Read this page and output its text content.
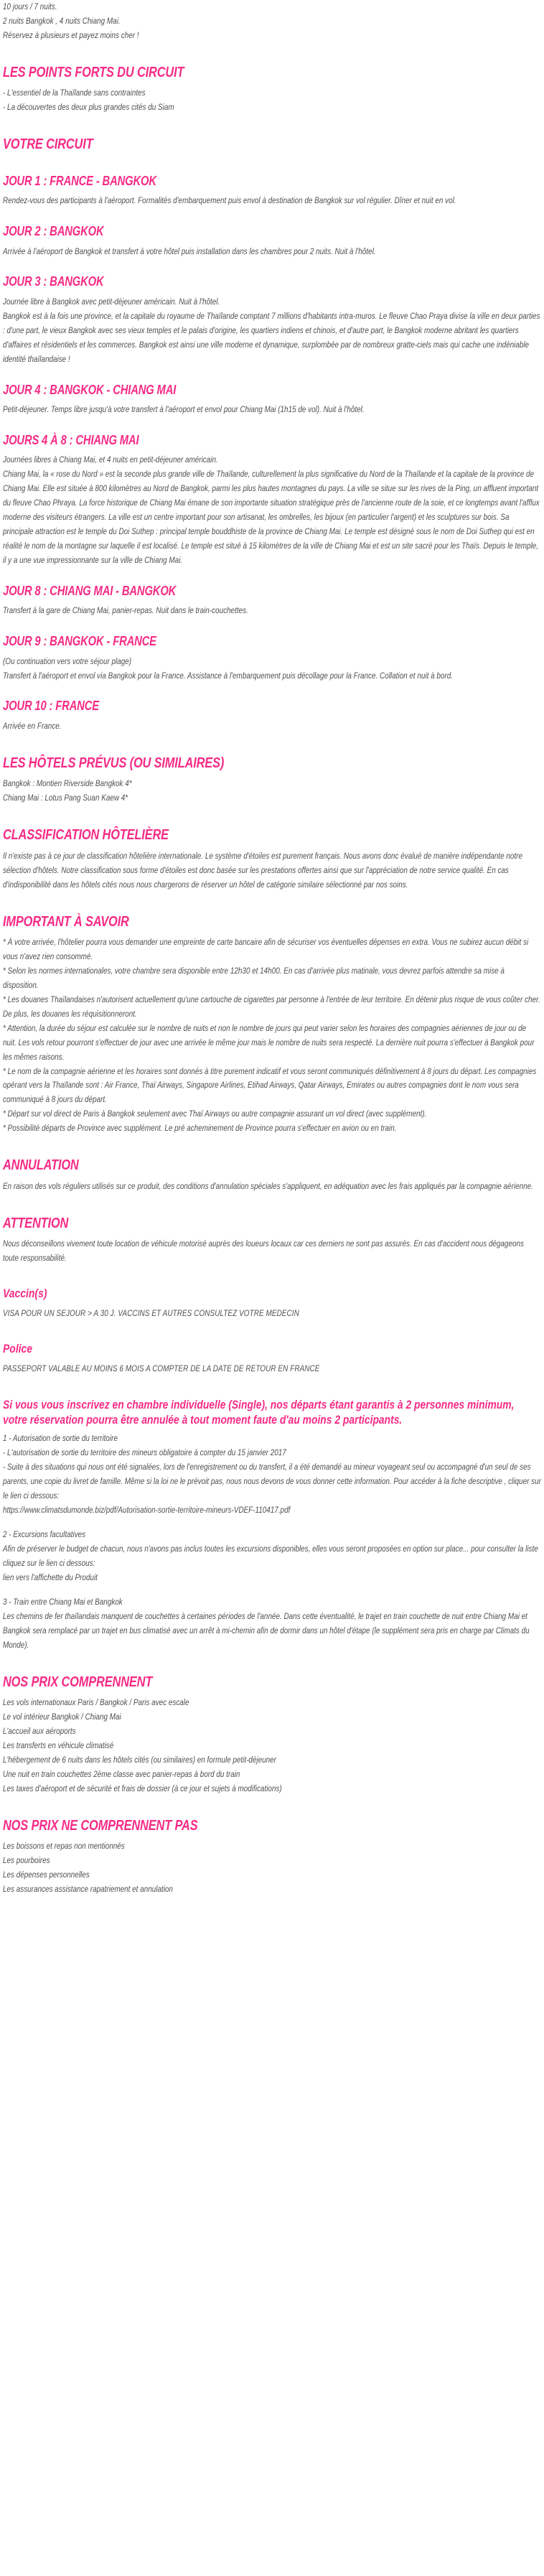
10 jours / 7 nuits.
2 nuits Bangkok , 4 nuits Chiang Mai.
Réservez à plusieurs et payez moins cher !
LES POINTS FORTS DU CIRCUIT
- L'essentiel de la Thaïlande sans contraintes
- La découvertes des deux plus grandes cités du Siam
VOTRE CIRCUIT
JOUR 1 : FRANCE - BANGKOK
Rendez-vous des participants à l'aéroport. Formalités d'embarquement puis envol à destination de Bangkok sur vol régulier. Dîner et nuit en vol.
JOUR 2 : BANGKOK
Arrivée à l'aéroport de Bangkok et transfert à votre hôtel puis installation dans les chambres pour 2 nuits. Nuit à l'hôtel.
JOUR 3 : BANGKOK
Journée libre à Bangkok avec petit-déjeuner américain. Nuit à l'hôtel.
Bangkok est à la fois une province, et la capitale du royaume de Thaïlande comptant 7 millions d'habitants intra-muros. Le fleuve Chao Praya divise la ville en deux parties : d'une part, le vieux Bangkok avec ses vieux temples et le palais d'origine, les quartiers indiens et chinois, et d'autre part, le Bangkok moderne abritant les quartiers d'affaires et résidentiels et les commerces. Bangkok est ainsi une ville moderne et dynamique, surplombée par de nombreux gratte-ciels mais qui cache une indéniable identité thaïlandaise !
JOUR 4 : BANGKOK - CHIANG MAI
Petit-déjeuner. Temps libre jusqu'à votre transfert à l'aéroport et envol pour Chiang Mai (1h15 de vol). Nuit à l'hôtel.
JOURS 4 À 8 : CHIANG MAI
Journées libres à Chiang Mai, et 4 nuits en petit-déjeuner américain.
Chiang Mai, la « rose du Nord » est la seconde plus grande ville de Thaïlande, culturellement la plus significative du Nord de la Thaïlande et la capitale de la province de Chiang Mai. Elle est située à 800 kilomètres au Nord de Bangkok, parmi les plus hautes montagnes du pays. La ville se situe sur les rives de la Ping, un affluent important du fleuve Chao Phraya. La force historique de Chiang Mai émane de son importante situation stratégique près de l'ancienne route de la soie, et ce longtemps avant l'afflux moderne des visiteurs étrangers. La ville est un centre important pour son artisanat, les ombrelles, les bijoux (en particulier l'argent) et les sculptures sur bois. Sa principale attraction est le temple du Doi Suthep : principal temple bouddhiste de la province de Chiang Mai. Le temple est désigné sous le nom de Doi Suthep qui est en réalité le nom de la montagne sur laquelle il est localisé. Le temple est situé à 15 kilomètres de la ville de Chiang Mai et est un site sacré pour les Thaïs. Depuis le temple, il y a une vue impressionnante sur la ville de Chiang Mai.
JOUR 8 : CHIANG MAI - BANGKOK
Transfert à la gare de Chiang Mai, panier-repas. Nuit dans le train-couchettes.
JOUR 9 : BANGKOK - FRANCE
(Ou continuation vers votre séjour plage)
Transfert à l'aéroport et envol via Bangkok pour la France. Assistance à l'embarquement puis décollage pour la France. Collation et nuit à bord.
JOUR 10 : FRANCE
Arrivée en France.
LES HÔTELS PRÉVUS (OU SIMILAIRES)
Bangkok : Montien Riverside Bangkok 4*
Chiang Mai : Lotus Pang Suan Kaew 4*
CLASSIFICATION HÔTELIÈRE
Il n'existe pas à ce jour de classification hôtelière internationale. Le système d'étoiles est purement français. Nous avons donc évalué de manière indépendante notre sélection d'hôtels. Notre classification sous forme d'étoiles est donc basée sur les prestations offertes ainsi que sur l'appréciation de notre service qualité. En cas d'indisponibilité dans les hôtels cités nous nous chargerons de réserver un hôtel de catégorie similaire sélectionné par nos soins.
IMPORTANT À SAVOIR
* À votre arrivée, l'hôtelier pourra vous demander une empreinte de carte bancaire afin de sécuriser vos éventuelles dépenses en extra. Vous ne subirez aucun débit si vous n'avez rien consommé.
* Selon les normes internationales, votre chambre sera disponible entre 12h30 et 14h00. En cas d'arrivée plus matinale, vous devrez parfois attendre sa mise à disposition.
* Les douanes Thaïlandaises n'autorisent actuellement qu'une cartouche de cigarettes par personne à l'entrée de leur territoire. En détenir plus risque de vous coûter cher. De plus, les douanes les réquisitionneront.
* Attention, la durée du séjour est calculée sur le nombre de nuits et non le nombre de jours qui peut varier selon les horaires des compagnies aériennes de jour ou de nuit. Les vols retour pourront s'effectuer de jour avec une arrivée le même jour mais le nombre de nuits sera respecté. La dernière nuit pourra s'effectuer à Bangkok pour les mêmes raisons.
* Le nom de la compagnie aérienne et les horaires sont donnés à titre purement indicatif et vous seront communiqués définitivement à 8 jours du départ. Les compagnies opérant vers la Thaïlande sont : Air France, Thaï Airways, Singapore Airlines, Etihad Airways, Qatar Airways, Emirates ou autres compagnies dont le nom vous sera communiqué à 8 jours du départ.
* Départ sur vol direct de Paris à Bangkok seulement avec Thaï Airways ou autre compagnie assurant un vol direct (avec supplément).
* Possibilité départs de Province avec supplément. Le pré acheminement de Province pourra s'effectuer en avion ou en train.
ANNULATION
En raison des vols réguliers utilisés sur ce produit, des conditions d'annulation spéciales s'appliquent, en adéquation avec les frais appliqués par la compagnie aérienne.
ATTENTION
Nous déconseillons vivement toute location de véhicule motorisé auprès des loueurs locaux car ces derniers ne sont pas assurés. En cas d'accident nous dégageons toute responsabilité.
Vaccin(s)
VISA POUR UN SEJOUR > A 30 J. VACCINS ET AUTRES CONSULTEZ VOTRE MEDECIN
Police
PASSEPORT VALABLE AU MOINS 6 MOIS A COMPTER DE LA DATE DE RETOUR EN FRANCE
Si vous vous inscrivez en chambre individuelle (Single), nos départs étant garantis à 2 personnes minimum, votre réservation pourra être annulée à tout moment faute d'au moins 2 participants.
1 - Autorisation de sortie du territoire
- L'autorisation de sortie du territoire des mineurs obligatoire à compter du 15 janvier 2017
- Suite à des situations qui nous ont été signalées, lors de l'enregistrement ou du transfert, il a été demandé au mineur voyageant seul ou accompagné d'un seul de ses parents, une copie du livret de famille. Même si la loi ne le prévoit pas, nous nous devons de vous donner cette information. Pour accéder à la fiche descriptive , cliquer sur le lien ci dessous:
https://www.climatsdumonde.biz/pdf/Autorisation-sortie-territoire-mineurs-VDEF-110417.pdf
2 - Excursions facultatives
Afin de préserver le budget de chacun, nous n'avons pas inclus toutes les excursions disponibles, elles vous seront proposées en option sur place... pour consulter la liste cliquez sur le lien ci dessous:
lien vers l'affichette du Produit
3 - Train entre Chiang Mai et Bangkok
Les chemins de fer thaïlandais manquent de couchettes à certaines périodes de l'année. Dans cette éventualité, le trajet en train couchette de nuit entre Chiang Mai et Bangkok sera remplacé par un trajet en bus climatisé avec un arrêt à mi-chemin afin de dormir dans un hôtel d'étape (le supplément sera pris en charge par Climats du Monde).
NOS PRIX COMPRENNENT
Les vols internationaux Paris / Bangkok / Paris avec escale
Le vol intérieur Bangkok / Chiang Mai
L'accueil aux aéroports
Les transferts en véhicule climatisé
L'hébergement de 6 nuits dans les hôtels cités (ou similaires) en formule petit-déjeuner
Une nuit en train couchettes 2ème classe avec panier-repas à bord du train
Les taxes d'aéroport et de sécurité et frais de dossier (à ce jour et sujets à modifications)
NOS PRIX NE COMPRENNENT PAS
Les boissons et repas non mentionnés
Les pourboires
Les dépenses personnelles
Les assurances assistance rapatriement et annulation
